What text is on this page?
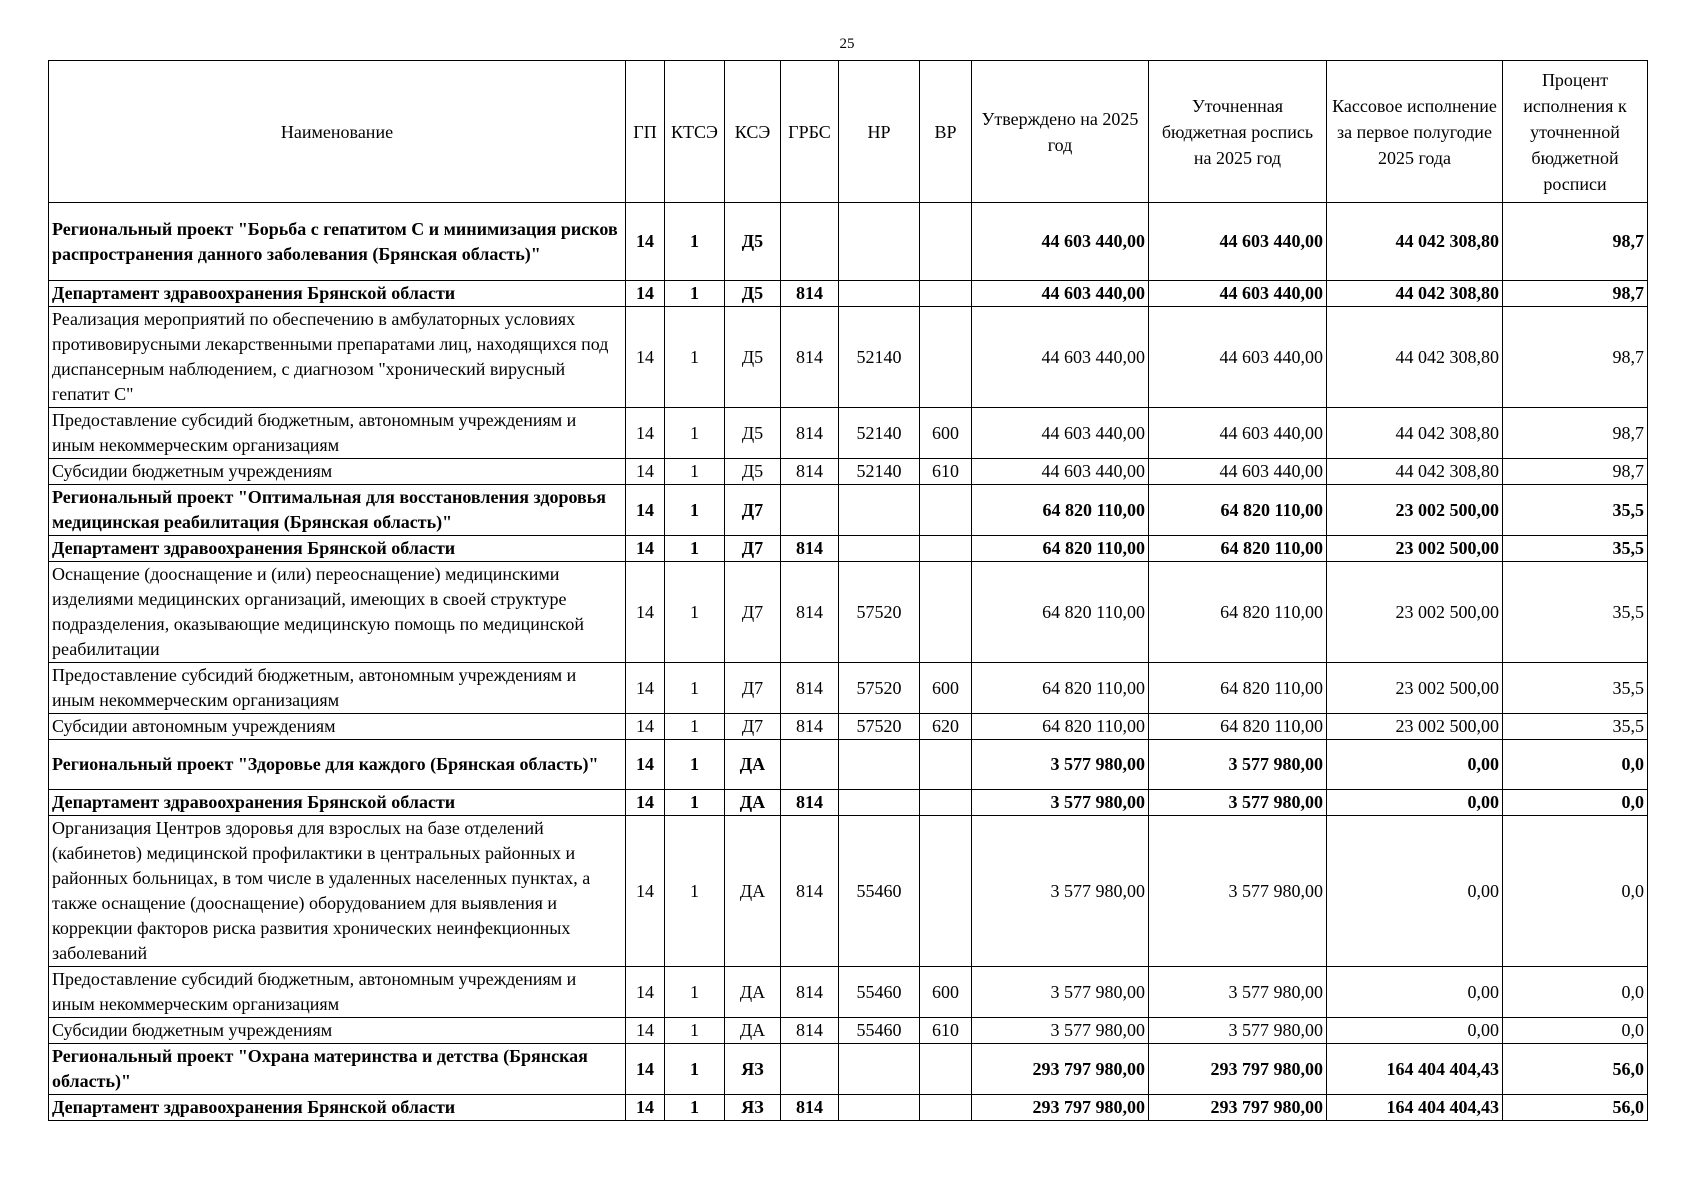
25
Наименование	ГП	КТСЭ	КСЭ	ГРБС	НР	ВР	Утверждено на 2025 год	Уточненная бюджетная роспись на 2025 год	Кассовое исполнение за первое полугодие 2025 года	Процент исполнения к уточненной бюджетной росписи
Региональный проект "Борьба с гепатитом С и минимизация рисков распространения данного заболевания (Брянская область)"	14	1	Д5				44 603 440,00	44 603 440,00	44 042 308,80	98,7
Департамент здравоохранения Брянской области	14	1	Д5	814			44 603 440,00	44 603 440,00	44 042 308,80	98,7
Реализация мероприятий по обеспечению в амбулаторных условиях противовирусными лекарственными препаратами лиц, находящихся под диспансерным наблюдением, с диагнозом "хронический вирусный гепатит С"	14	1	Д5	814	52140		44 603 440,00	44 603 440,00	44 042 308,80	98,7
Предоставление субсидий бюджетным, автономным учреждениям и иным некоммерческим организациям	14	1	Д5	814	52140	600	44 603 440,00	44 603 440,00	44 042 308,80	98,7
Субсидии бюджетным учреждениям	14	1	Д5	814	52140	610	44 603 440,00	44 603 440,00	44 042 308,80	98,7
Региональный проект "Оптимальная для восстановления здоровья медицинская реабилитация (Брянская область)"	14	1	Д7				64 820 110,00	64 820 110,00	23 002 500,00	35,5
Департамент здравоохранения Брянской области	14	1	Д7	814			64 820 110,00	64 820 110,00	23 002 500,00	35,5
Оснащение (дооснащение и (или) переоснащение) медицинскими изделиями медицинских организаций, имеющих в своей структуре подразделения, оказывающие медицинскую помощь по медицинской реабилитации	14	1	Д7	814	57520		64 820 110,00	64 820 110,00	23 002 500,00	35,5
Предоставление субсидий бюджетным, автономным учреждениям и иным некоммерческим организациям	14	1	Д7	814	57520	600	64 820 110,00	64 820 110,00	23 002 500,00	35,5
Субсидии автономным учреждениям	14	1	Д7	814	57520	620	64 820 110,00	64 820 110,00	23 002 500,00	35,5
Региональный проект "Здоровье для каждого (Брянская область)"	14	1	ДА				3 577 980,00	3 577 980,00	0,00	0,0
Департамент здравоохранения Брянской области	14	1	ДА	814			3 577 980,00	3 577 980,00	0,00	0,0
Организация Центров здоровья для взрослых на базе отделений (кабинетов) медицинской профилактики в центральных районных и районных больницах, в том числе в удаленных населенных пунктах, а также оснащение (дооснащение) оборудованием для выявления и коррекции факторов риска развития хронических неинфекционных заболеваний	14	1	ДА	814	55460		3 577 980,00	3 577 980,00	0,00	0,0
Предоставление субсидий бюджетным, автономным учреждениям и иным некоммерческим организациям	14	1	ДА	814	55460	600	3 577 980,00	3 577 980,00	0,00	0,0
Субсидии бюджетным учреждениям	14	1	ДА	814	55460	610	3 577 980,00	3 577 980,00	0,00	0,0
Региональный проект "Охрана материнства и детства (Брянская область)"	14	1	ЯЗ				293 797 980,00	293 797 980,00	164 404 404,43	56,0
Департамент здравоохранения Брянской области	14	1	ЯЗ	814			293 797 980,00	293 797 980,00	164 404 404,43	56,0
